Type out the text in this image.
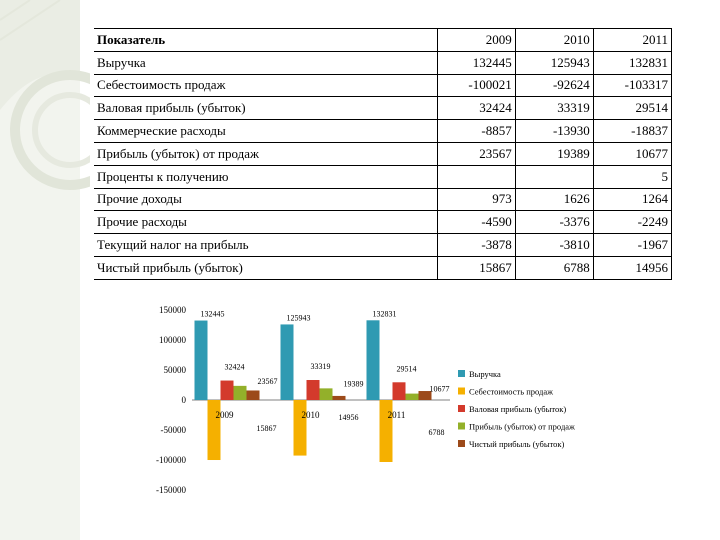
Показатель	2009	2010	2011
Выручка	132445	125943	132831
Себестоимость продаж	-100021	-92624	-103317
Валовая прибыль (убыток)	32424	33319	29514
Коммерческие расходы	-8857	-13930	-18837
Прибыль (убыток) от продаж	23567	19389	10677
Проценты к получению			5
Прочие доходы	973	1626	1264
Прочие расходы	-4590	-3376	-2249
Текущий налог на прибыль	-3878	-3810	-1967
Чистый прибыль (убыток)	15867	6788	14956
150000
100000
50000
0
-50000
-100000
-150000
2009	2010	2011
132445
32424
23567
125943
33319
19389
132831
29514
10677
15867
14956
6788
Выручка
Себестоимость продаж
Валовая прибыль (убыток)
Прибыль (убыток) от продаж
Чистый прибыль (убыток)
